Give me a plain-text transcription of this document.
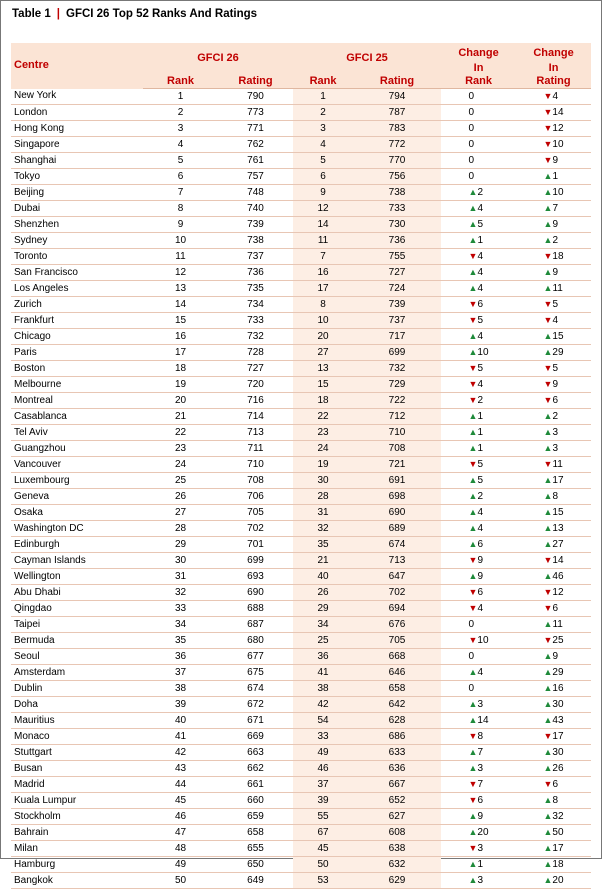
Table 1 | GFCI 26 Top 52 Ranks And Ratings
Centre	GFCI 26		GFCI 25		Change	Change
					In	In
	Rank	Rating	Rank	Rating	Rank	Rating
New York	1	790	1	794	0	▼4
London	2	773	2	787	0	▼14
Hong Kong	3	771	3	783	0	▼12
Singapore	4	762	4	772	0	▼10
Shanghai	5	761	5	770	0	▼9
Tokyo	6	757	6	756	0	▲1
Beijing	7	748	9	738	▲2	▲10
Dubai	8	740	12	733	▲4	▲7
Shenzhen	9	739	14	730	▲5	▲9
Sydney	10	738	11	736	▲1	▲2
Toronto	11	737	7	755	▼4	▼18
San Francisco	12	736	16	727	▲4	▲9
Los Angeles	13	735	17	724	▲4	▲11
Zurich	14	734	8	739	▼6	▼5
Frankfurt	15	733	10	737	▼5	▼4
Chicago	16	732	20	717	▲4	▲15
Paris	17	728	27	699	▲10	▲29
Boston	18	727	13	732	▼5	▼5
Melbourne	19	720	15	729	▼4	▼9
Montreal	20	716	18	722	▼2	▼6
Casablanca	21	714	22	712	▲1	▲2
Tel Aviv	22	713	23	710	▲1	▲3
Guangzhou	23	711	24	708	▲1	▲3
Vancouver	24	710	19	721	▼5	▼11
Luxembourg	25	708	30	691	▲5	▲17
Geneva	26	706	28	698	▲2	▲8
Osaka	27	705	31	690	▲4	▲15
Washington DC	28	702	32	689	▲4	▲13
Edinburgh	29	701	35	674	▲6	▲27
Cayman Islands	30	699	21	713	▼9	▼14
Wellington	31	693	40	647	▲9	▲46
Abu Dhabi	32	690	26	702	▼6	▼12
Qingdao	33	688	29	694	▼4	▼6
Taipei	34	687	34	676	0	▲11
Bermuda	35	680	25	705	▼10	▼25
Seoul	36	677	36	668	0	▲9
Amsterdam	37	675	41	646	▲4	▲29
Dublin	38	674	38	658	0	▲16
Doha	39	672	42	642	▲3	▲30
Mauritius	40	671	54	628	▲14	▲43
Monaco	41	669	33	686	▼8	▼17
Stuttgart	42	663	49	633	▲7	▲30
Busan	43	662	46	636	▲3	▲26
Madrid	44	661	37	667	▼7	▼6
Kuala Lumpur	45	660	39	652	▼6	▲8
Stockholm	46	659	55	627	▲9	▲32
Bahrain	47	658	67	608	▲20	▲50
Milan	48	655	45	638	▼3	▲17
Hamburg	49	650	50	632	▲1	▲18
Bangkok	50	649	53	629	▲3	▲20
